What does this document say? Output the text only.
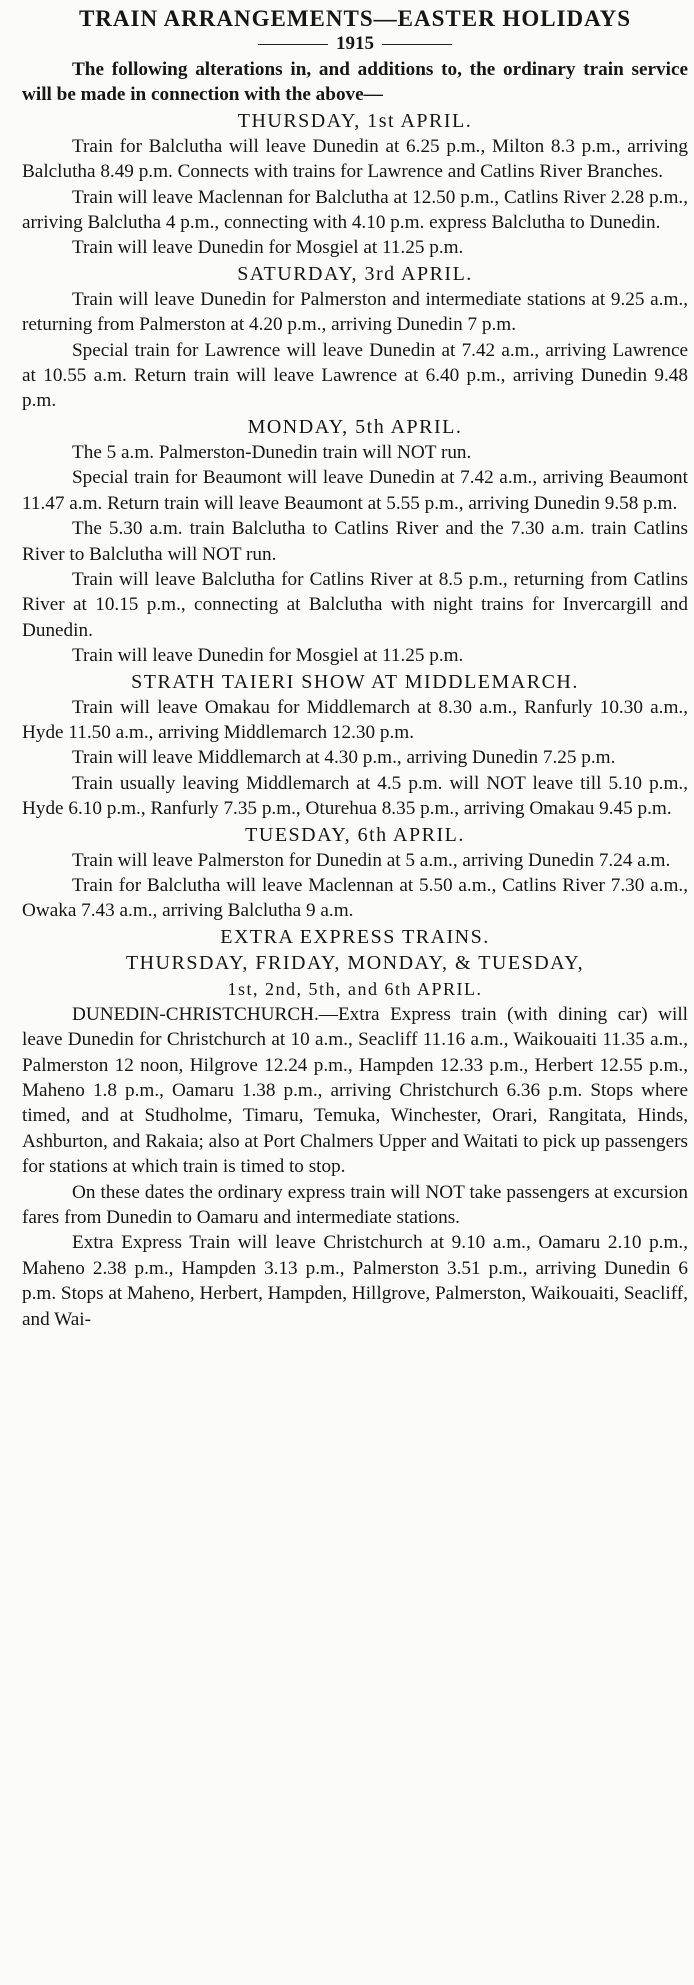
TRAIN ARRANGEMENTS—EASTER HOLIDAYS
1915

The following alterations in, and additions to, the ordinary train service will be made in connection with the above—

THURSDAY, 1st APRIL.

Train for Balclutha will leave Dunedin at 6.25 p.m., Milton 8.3 p.m., arriving Balclutha 8.49 p.m. Connects with trains for Lawrence and Catlins River Branches.

Train will leave Maclennan for Balclutha at 12.50 p.m., Catlins River 2.28 p.m., arriving Balclutha 4 p.m., connecting with 4.10 p.m. express Balclutha to Dunedin.

Train will leave Dunedin for Mosgiel at 11.25 p.m.

SATURDAY, 3rd APRIL.

Train will leave Dunedin for Palmerston and intermediate stations at 9.25 a.m., returning from Palmerston at 4.20 p.m., arriving Dunedin 7 p.m.

Special train for Lawrence will leave Dunedin at 7.42 a.m., arriving Lawrence at 10.55 a.m. Return train will leave Lawrence at 6.40 p.m., arriving Dunedin 9.48 p.m.

MONDAY, 5th APRIL.

The 5 a.m. Palmerston-Dunedin train will NOT run.

Special train for Beaumont will leave Dunedin at 7.42 a.m., arriving Beaumont 11.47 a.m. Return train will leave Beaumont at 5.55 p.m., arriving Dunedin 9.58 p.m.

The 5.30 a.m. train Balclutha to Catlins River and the 7.30 a.m. train Catlins River to Balclutha will NOT run.

Train will leave Balclutha for Catlins River at 8.5 p.m., returning from Catlins River at 10.15 p.m., connecting at Balclutha with night trains for Invercargill and Dunedin.

Train will leave Dunedin for Mosgiel at 11.25 p.m.

STRATH TAIERI SHOW AT MIDDLEMARCH.

Train will leave Omakau for Middlemarch at 8.30 a.m., Ranfurly 10.30 a.m., Hyde 11.50 a.m., arriving Middlemarch 12.30 p.m.

Train will leave Middlemarch at 4.30 p.m., arriving Dunedin 7.25 p.m.

Train usually leaving Middlemarch at 4.5 p.m. will NOT leave till 5.10 p.m., Hyde 6.10 p.m., Ranfurly 7.35 p.m., Oturehua 8.35 p.m., arriving Omakau 9.45 p.m.

TUESDAY, 6th APRIL.

Train will leave Palmerston for Dunedin at 5 a.m., arriving Dunedin 7.24 a.m.

Train for Balclutha will leave Maclennan at 5.50 a.m., Catlins River 7.30 a.m., Owaka 7.43 a.m., arriving Balclutha 9 a.m.

EXTRA EXPRESS TRAINS.
THURSDAY, FRIDAY, MONDAY, & TUESDAY,
1st, 2nd, 5th, and 6th APRIL.

DUNEDIN-CHRISTCHURCH.—Extra Express train (with dining car) will leave Dunedin for Christchurch at 10 a.m., Seacliff 11.16 a.m., Waikouaiti 11.35 a.m., Palmerston 12 noon, Hilgrove 12.24 p.m., Hampden 12.33 p.m., Herbert 12.55 p.m., Maheno 1.8 p.m., Oamaru 1.38 p.m., arriving Christchurch 6.36 p.m. Stops where timed, and at Studholme, Timaru, Temuka, Winchester, Orari, Rangitata, Hinds, Ashburton, and Rakaia; also at Port Chalmers Upper and Waitati to pick up passengers for stations at which train is timed to stop.

On these dates the ordinary express train will NOT take passengers at excursion fares from Dunedin to Oamaru and intermediate stations.

Extra Express Train will leave Christchurch at 9.10 a.m., Oamaru 2.10 p.m., Maheno 2.38 p.m., Hampden 3.13 p.m., Palmerston 3.51 p.m., arriving Dunedin 6 p.m. Stops at Maheno, Herbert, Hampden, Hillgrove, Palmerston, Waikouaiti, Seacliff, and Wai-
